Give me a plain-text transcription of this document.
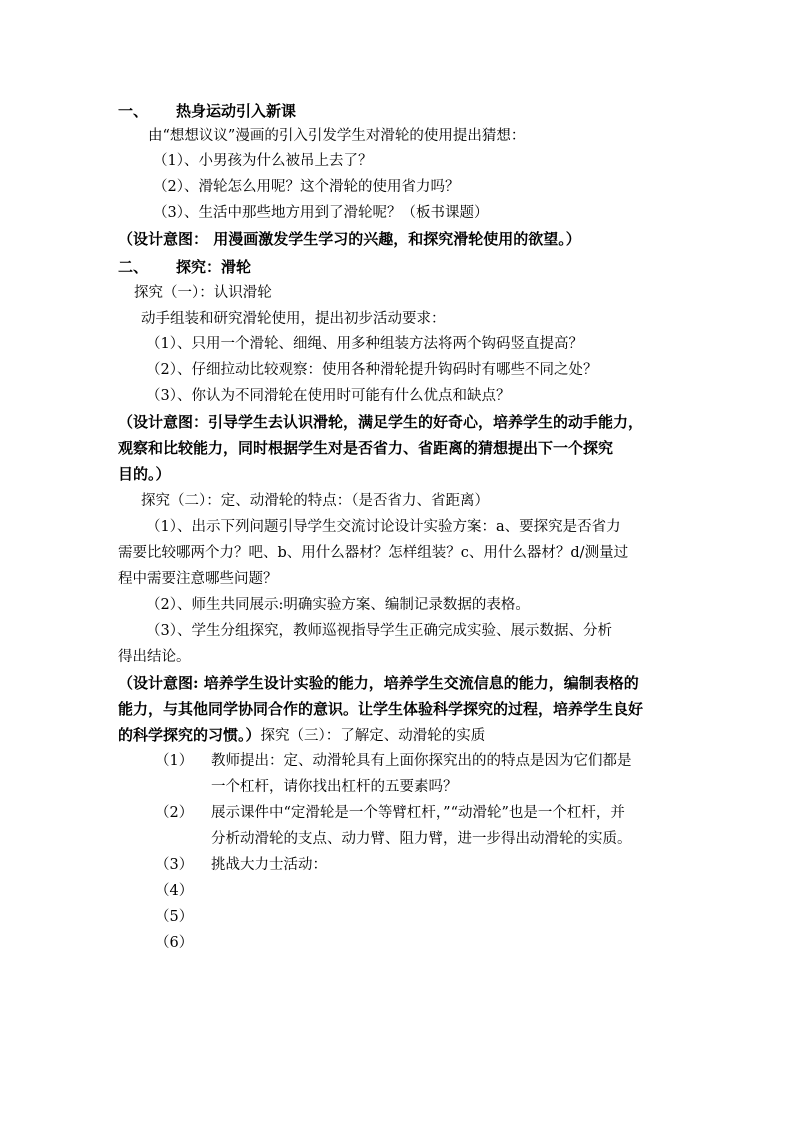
一、 热身运动引入新课
由“想想议议”漫画的引入引发学生对滑轮的使用提出猜想：
（1）、小男孩为什么被吊上去了？
（2）、滑轮怎么用呢？这个滑轮的使用省力吗？
（3）、生活中那些地方用到了滑轮呢？（板书课题）
（设计意图： 用漫画激发学生学习的兴趣，和探究滑轮使用的欲望。）
二、 探究：滑轮
探究（一）：认识滑轮
动手组装和研究滑轮使用，提出初步活动要求：
（1）、只用一个滑轮、细绳、用多种组装方法将两个钩码竖直提高？
（2）、仔细拉动比较观察：使用各种滑轮提升钩码时有哪些不同之处？
（3）、你认为不同滑轮在使用时可能有什么优点和缺点？
（设计意图：引导学生去认识滑轮，满足学生的好奇心，培养学生的动手能力，
观察和比较能力，同时根据学生对是否省力、省距离的猜想提出下一个探究
目的。）
探究（二）：定、动滑轮的特点：（是否省力、省距离）
（1）、出示下列问题引导学生交流讨论设计实验方案：a、要探究是否省力
需要比较哪两个力？吧、b、用什么器材？怎样组装？c、用什么器材？d/测量过
程中需要注意哪些问题？
（2）、师生共同展示:明确实验方案、编制记录数据的表格。
（3）、学生分组探究，教师巡视指导学生正确完成实验、展示数据、分析
得出结论。
（设计意图: 培养学生设计实验的能力，培养学生交流信息的能力，编制表格的
能力，与其他同学协同合作的意识。让学生体验科学探究的过程，培养学生良好
的科学探究的习惯。）探究（三）：了解定、动滑轮的实质
（1） 教师提出：定、动滑轮具有上面你探究出的的特点是因为它们都是
一个杠杆，请你找出杠杆的五要素吗？
（2） 展示课件中“定滑轮是一个等臂杠杆，”“动滑轮”也是一个杠杆，并
分析动滑轮的支点、动力臂、阻力臂，进一步得出动滑轮的实质。
（3） 挑战大力士活动：
（4）
（5）
（6）
